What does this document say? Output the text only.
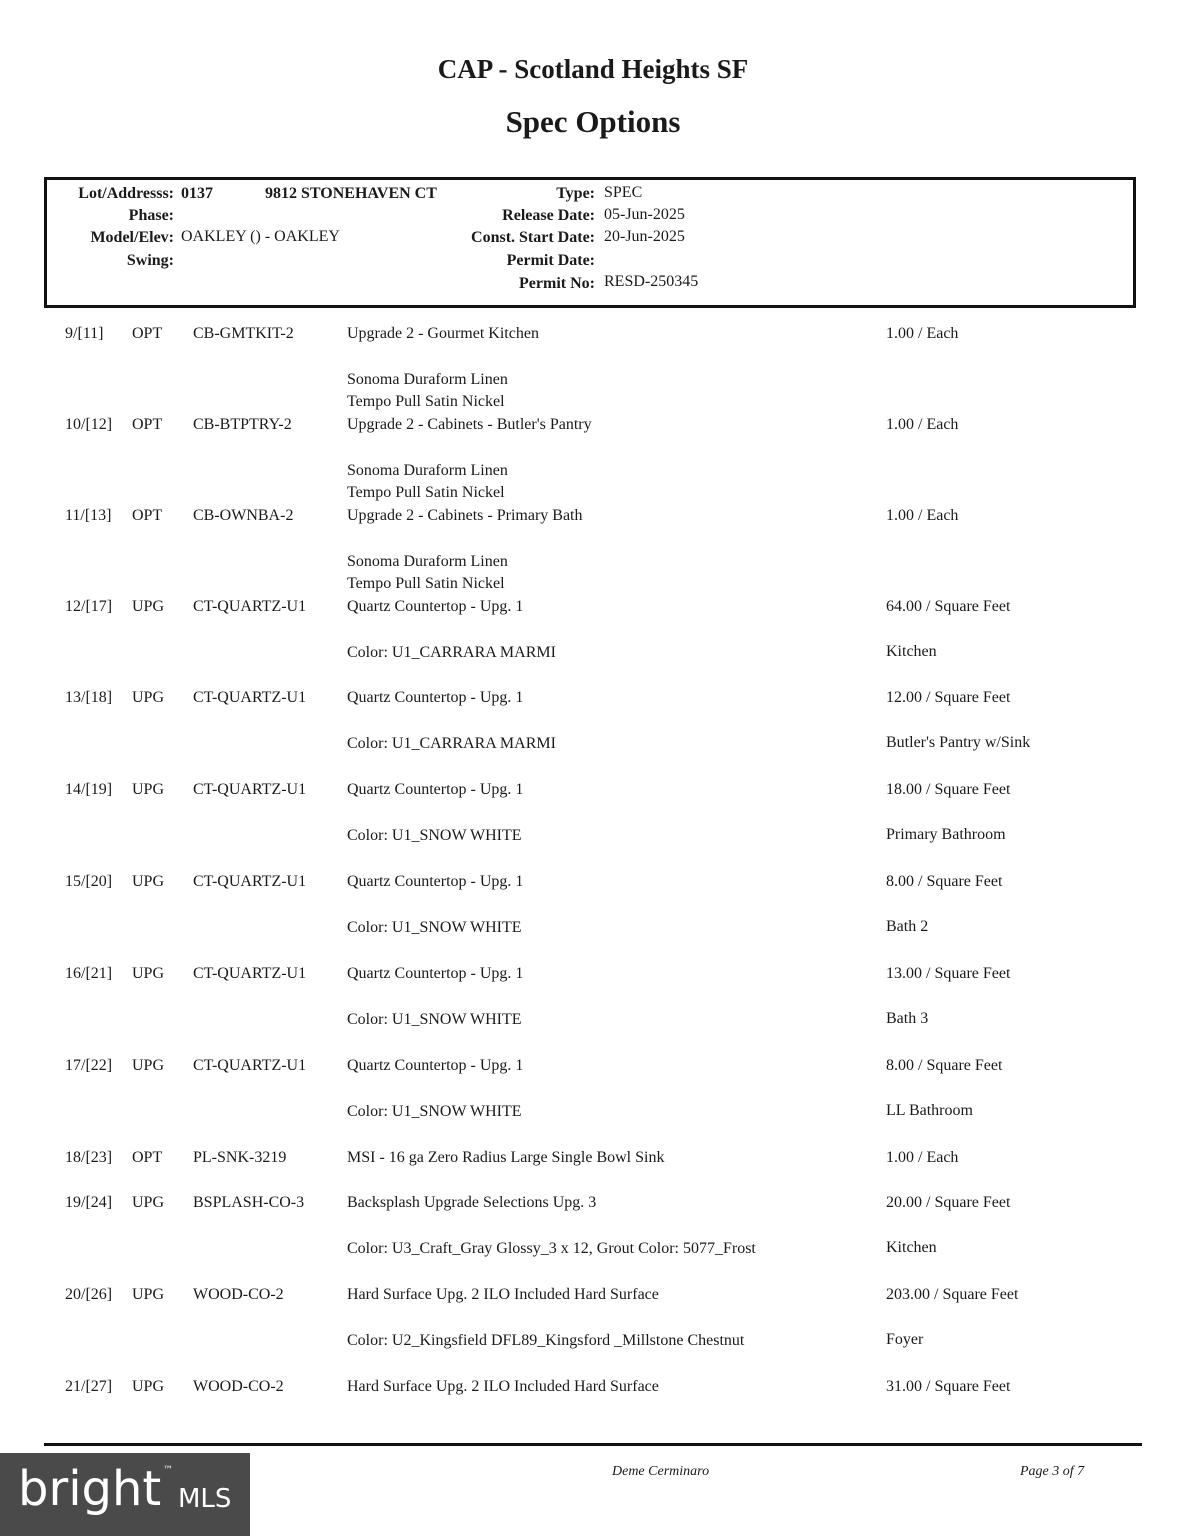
CAP - Scotland Heights SF
Spec Options
Lot/Addresss: 0137	9812 STONEHAVEN CT
Phase:
Model/Elev: OAKLEY () - OAKLEY
Swing:
Type: SPEC
Release Date: 05-Jun-2025
Const. Start Date: 20-Jun-2025
Permit Date:
Permit No: RESD-250345
9/[11] OPT CB-GMTKIT-2	Upgrade 2 - Gourmet Kitchen	1.00 / Each
Sonoma Duraform Linen
Tempo Pull Satin Nickel
10/[12] OPT CB-BTPTRY-2	Upgrade 2 - Cabinets - Butler's Pantry	1.00 / Each
Sonoma Duraform Linen
Tempo Pull Satin Nickel
11/[13] OPT CB-OWNBA-2	Upgrade 2 - Cabinets - Primary Bath	1.00 / Each
Sonoma Duraform Linen
Tempo Pull Satin Nickel
12/[17] UPG CT-QUARTZ-U1	Quartz Countertop - Upg. 1	64.00 / Square Feet
Color: U1_CARRARA MARMI	Kitchen
13/[18] UPG CT-QUARTZ-U1	Quartz Countertop - Upg. 1	12.00 / Square Feet
Color: U1_CARRARA MARMI	Butler's Pantry w/Sink
14/[19] UPG CT-QUARTZ-U1	Quartz Countertop - Upg. 1	18.00 / Square Feet
Color: U1_SNOW WHITE	Primary Bathroom
15/[20] UPG CT-QUARTZ-U1	Quartz Countertop - Upg. 1	8.00 / Square Feet
Color: U1_SNOW WHITE	Bath 2
16/[21] UPG CT-QUARTZ-U1	Quartz Countertop - Upg. 1	13.00 / Square Feet
Color: U1_SNOW WHITE	Bath 3
17/[22] UPG CT-QUARTZ-U1	Quartz Countertop - Upg. 1	8.00 / Square Feet
Color: U1_SNOW WHITE	LL Bathroom
18/[23] OPT PL-SNK-3219	MSI - 16 ga Zero Radius Large Single Bowl Sink	1.00 / Each
19/[24] UPG BSPLASH-CO-3	Backsplash Upgrade Selections Upg. 3	20.00 / Square Feet
Color: U3_Craft_Gray Glossy_3 x 12, Grout Color: 5077_Frost	Kitchen
20/[26] UPG WOOD-CO-2	Hard Surface Upg. 2 ILO Included Hard Surface	203.00 / Square Feet
Color: U2_Kingsfield DFL89_Kingsford _Millstone Chestnut	Foyer
21/[27] UPG WOOD-CO-2	Hard Surface Upg. 2 ILO Included Hard Surface	31.00 / Square Feet
Deme Cerminaro	Page 3 of 7
bright ™
MLS
